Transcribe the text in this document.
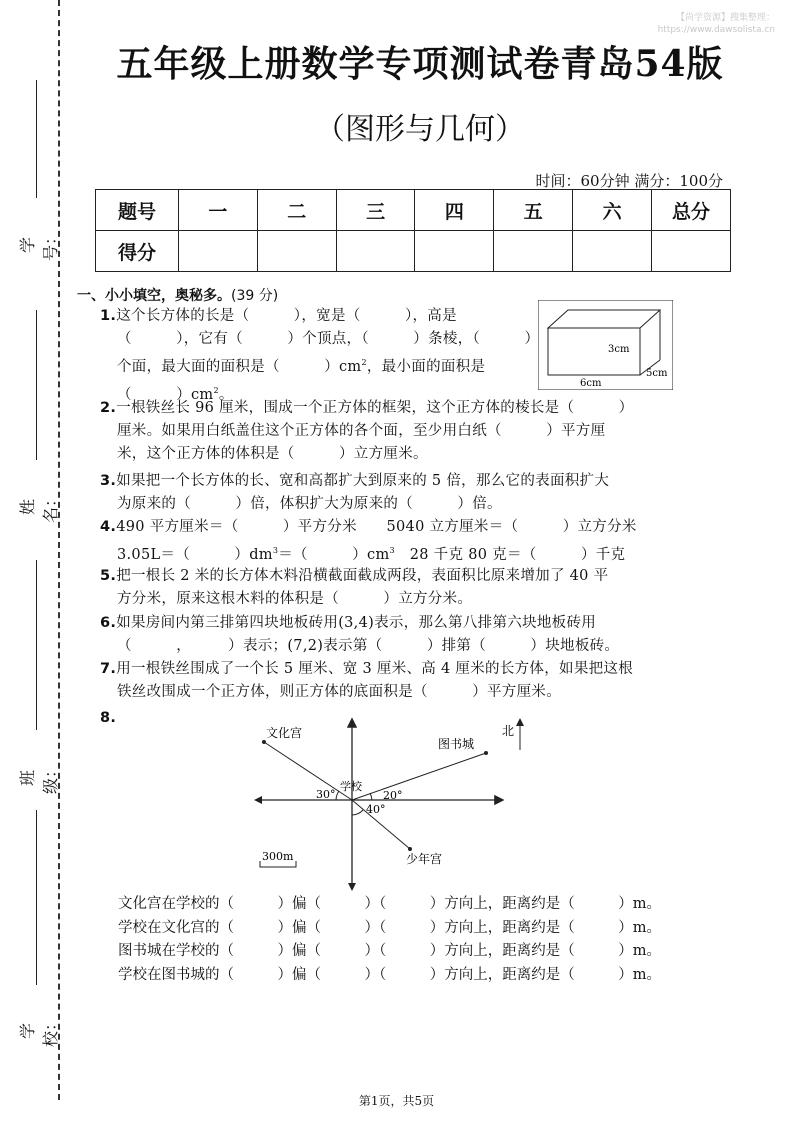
【尚学资源】搜集整理：
https://www.dawsolista.cn
学号：
姓名：
班级：
学校：
五年级上册数学专项测试卷青岛54版
（图形与几何）
时间：60分钟 满分：100分
题号	一	二	三	四	五	六	总分
得分							
一、小小填空，奥秘多。(39 分)
1.这个长方体的长是（　　　），宽是（　　　），高是
（　　　），它有（　　　）个顶点，（　　　）条棱，（　　　）
个面，最大面的面积是（　　　）$cm^2$，最小面的面积是
（　　　）$cm^2$。
3cm
6cm
5cm
2.一根铁丝长 96 厘米，围成一个正方体的框架，这个正方体的棱长是（　　　）
厘米。如果用白纸盖住这个正方体的各个面，至少用白纸（　　　）平方厘
米，这个正方体的体积是（　　　）立方厘米。
3.如果把一个长方体的长、宽和高都扩大到原来的 5 倍，那么它的表面积扩大
为原来的（　　　）倍，体积扩大为原来的（　　　）倍。
4.490 平方厘米＝（　　　）平方分米　　5040 立方厘米＝（　　　）立方分米
3.05L＝（　　　）$dm^3=$（　　　）$cm^3$　28 千克 80 克＝（　　　）千克
5.把一根长 2 米的长方体木料沿横截面截成两段，表面积比原来增加了 40 平
方分米，原来这根木料的体积是（　　　）立方分米。
6.如果房间内第三排第四块地板砖用(3,4)表示，那么第八排第六块地板砖用
（　　　，　　　）表示；(7,2)表示第（　　　）排第（　　　）块地板砖。
7.用一根铁丝围成了一个长 5 厘米、宽 3 厘米、高 4 厘米的长方体，如果把这根
铁丝改围成一个正方体，则正方体的底面积是（　　　）平方厘米。
8.
北
文化宫
图书城
学校
少年宫
30°	20°
40°
300m
文化宫在学校的（　　　）偏（　　　）（　　　）方向上，距离约是（　　　）m。
学校在文化宫的（　　　）偏（　　　）（　　　）方向上，距离约是（　　　）m。
图书城在学校的（　　　）偏（　　　）（　　　）方向上，距离约是（　　　）m。
学校在图书城的（　　　）偏（　　　）（　　　）方向上，距离约是（　　　）m。
第1页，共5页
